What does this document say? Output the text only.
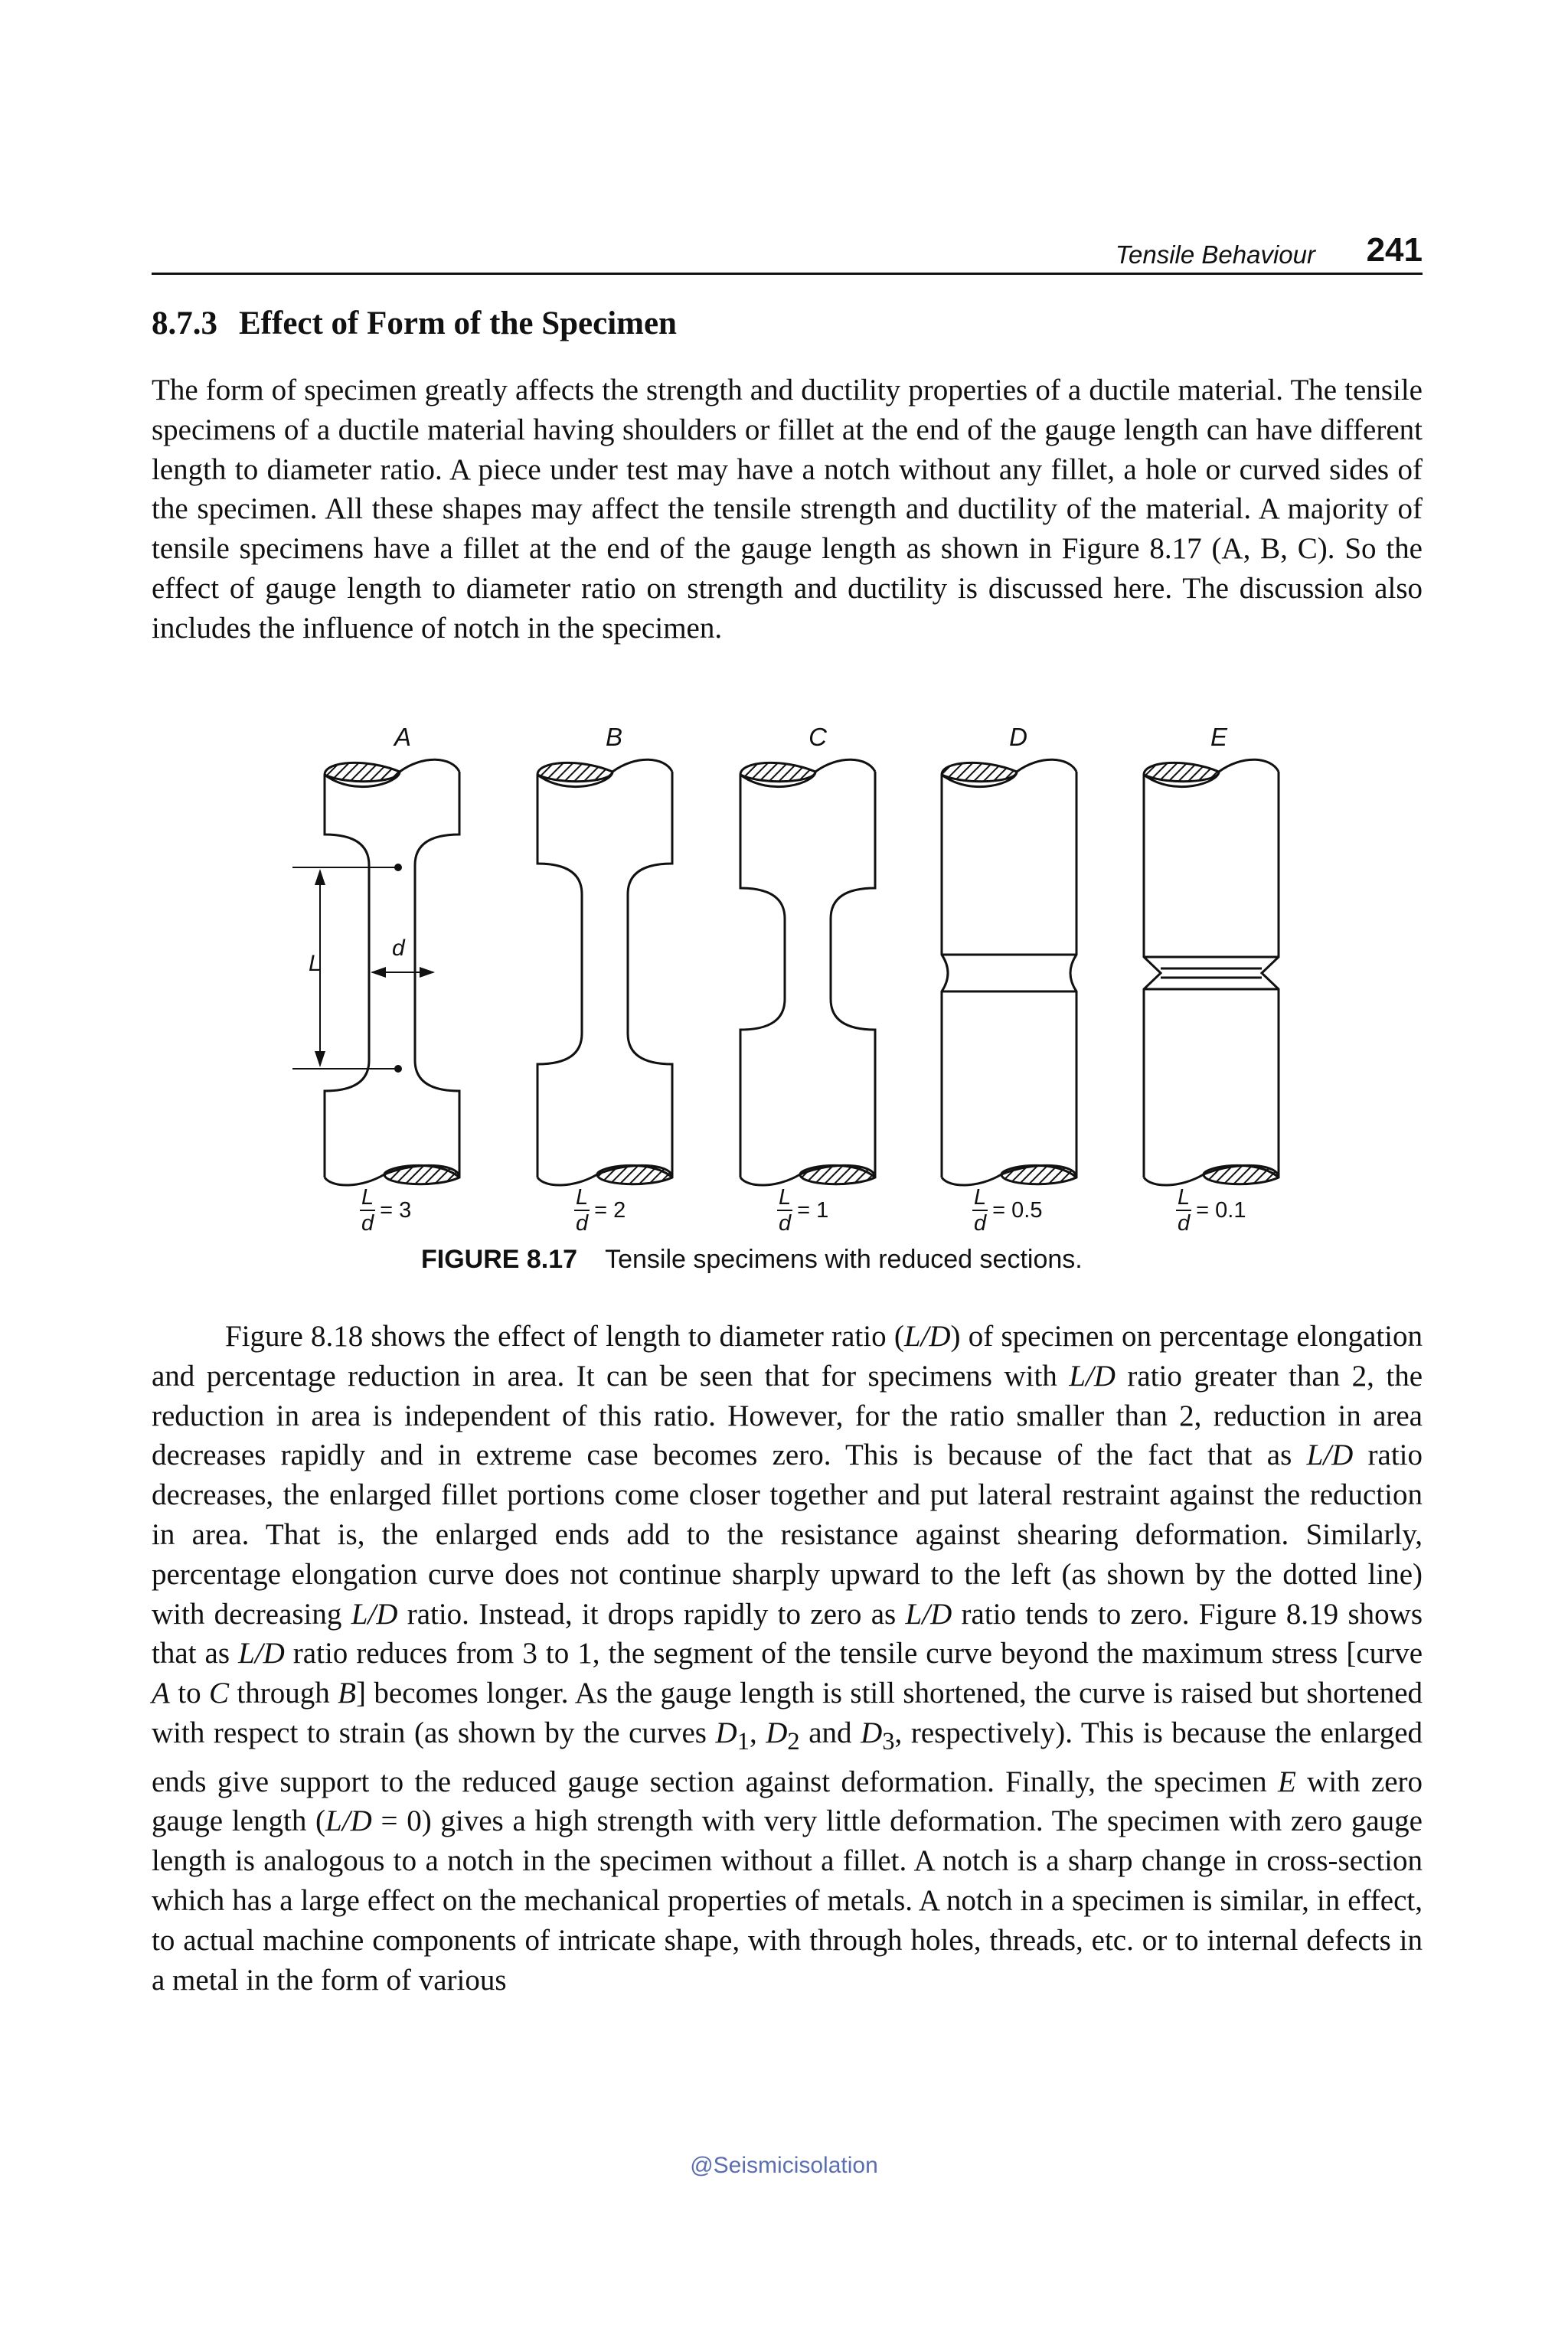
Tensile Behaviour 241
8.7.3 Effect of Form of the Specimen

The form of specimen greatly affects the strength and ductility properties of a ductile material. The tensile specimens of a ductile material having shoulders or fillet at the end of the gauge length can have different length to diameter ratio. A piece under test may have a notch without any fillet, a hole or curved sides of the specimen. All these shapes may affect the tensile strength and ductility of the material. A majority of tensile specimens have a fillet at the end of the gauge length as shown in Figure 8.17 (A, B, C). So the effect of gauge length to diameter ratio on strength and ductility is discussed here. The discussion also includes the influence of notch in the specimen.

A	B	C	D	E
L
d
$\frac{L}{d} = 3$	$\frac{L}{d} = 2$	$\frac{L}{d} = 1$	$\frac{L}{d} = 0.5$	$\frac{L}{d} = 0.1$
FIGURE 8.17 Tensile specimens with reduced sections.

Figure 8.18 shows the effect of length to diameter ratio (L/D) of specimen on percentage elongation and percentage reduction in area. It can be seen that for specimens with L/D ratio greater than 2, the reduction in area is independent of this ratio. However, for the ratio smaller than 2, reduction in area decreases rapidly and in extreme case becomes zero. This is because of the fact that as L/D ratio decreases, the enlarged fillet portions come closer together and put lateral restraint against the reduction in area. That is, the enlarged ends add to the resistance against shearing deformation. Similarly, percentage elongation curve does not continue sharply upward to the left (as shown by the dotted line) with decreasing L/D ratio. Instead, it drops rapidly to zero as L/D ratio tends to zero. Figure 8.19 shows that as L/D ratio reduces from 3 to 1, the segment of the tensile curve beyond the maximum stress [curve A to C through B] becomes longer. As the gauge length is still shortened, the curve is raised but shortened with respect to strain (as shown by the curves $D_1$, $D_2$ and $D_3$, respectively). This is because the enlarged ends give support to the reduced gauge section against deformation. Finally, the specimen E with zero gauge length (L/D = 0) gives a high strength with very little deformation. The specimen with zero gauge length is analogous to a notch in the specimen without a fillet. A notch is a sharp change in cross-section which has a large effect on the mechanical properties of metals. A notch in a specimen is similar, in effect, to actual machine components of intricate shape, with through holes, threads, etc. or to internal defects in a metal in the form of various

@Seismicisolation
